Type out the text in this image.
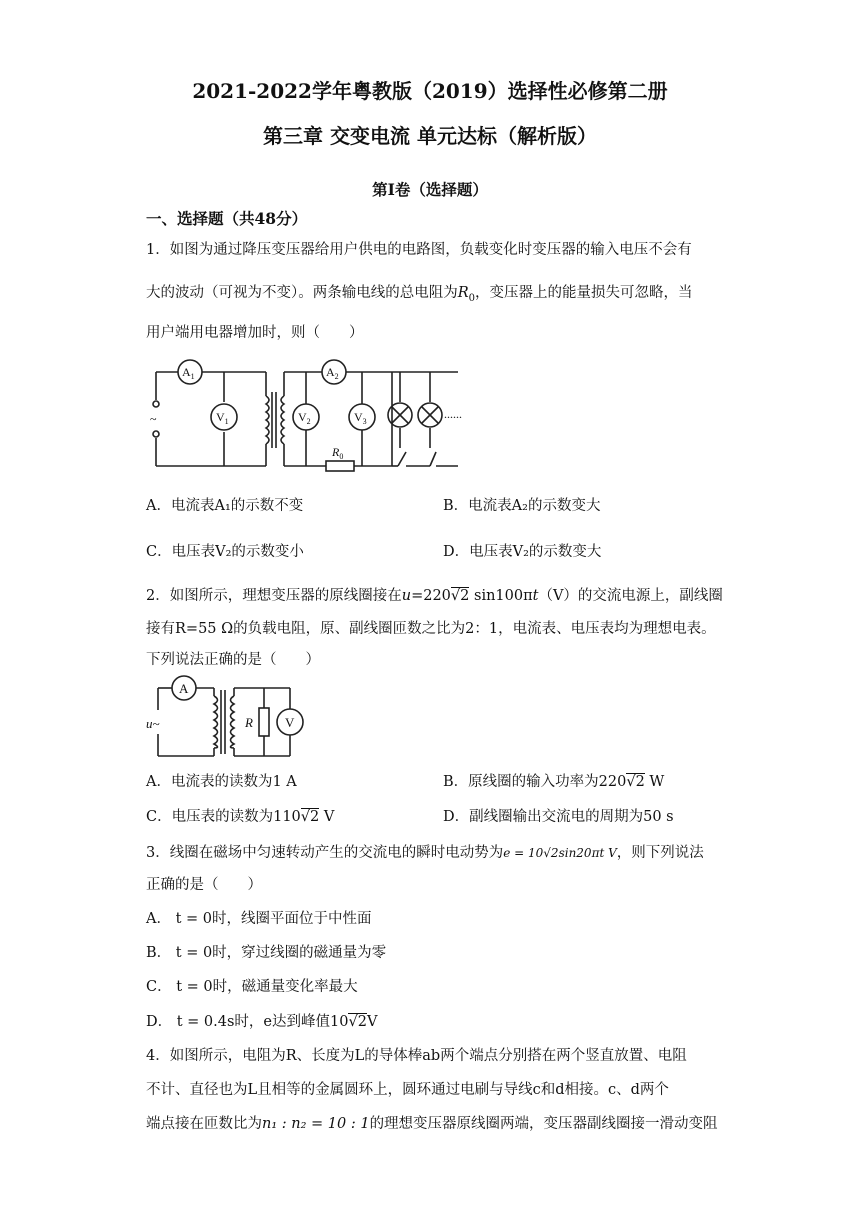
2021-2022学年粤教版（2019）选择性必修第二册
第三章 交变电流 单元达标（解析版）
第Ⅰ卷（选择题）
一、选择题（共48分）
1．如图为通过降压变压器给用户供电的电路图，负载变化时变压器的输入电压不会有
大的波动（可视为不变）。两条输电线的总电阻为$R_0$，变压器上的能量损失可忽略，当
用户端用电器增加时，则（　　）
$A_1$
$V_1$	$V_2$
$A_2$
$V_3$
$R_0$
~	......
A．电流表A₁的示数不变	B．电流表A₂的示数变大
C．电压表V₂的示数变小	D．电压表V₂的示数变大
2．如图所示，理想变压器的原线圈接在u=220√2 sin100πt（V）的交流电源上，副线圈
接有R=55 Ω的负载电阻，原、副线圈匝数之比为2：1，电流表、电压表均为理想电表。
下列说法正确的是（　　）
A
V
R
u~
A．电流表的读数为1 A	B．原线圈的输入功率为220√2 W
C．电压表的读数为110√2 V	D．副线圈输出交流电的周期为50 s
3．线圈在磁场中匀速转动产生的交流电的瞬时电动势为e = 10√2sin20πt V，则下列说法
正确的是（　　）
A． t = 0时，线圈平面位于中性面
B． t = 0时，穿过线圈的磁通量为零
C． t = 0时，磁通量变化率最大
D． t = 0.4s时，e达到峰值10√2V
4．如图所示，电阻为R、长度为L的导体棒ab两个端点分别搭在两个竖直放置、电阻
不计、直径也为L且相等的金属圆环上，圆环通过电刷与导线c和d相接。c、d两个
端点接在匝数比为n₁ : n₂ = 10 : 1的理想变压器原线圈两端，变压器副线圈接一滑动变阻
